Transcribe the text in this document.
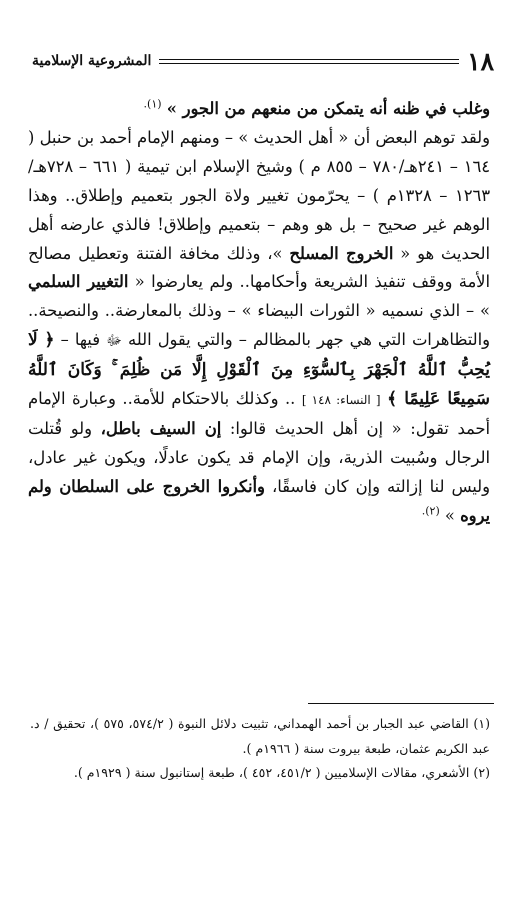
١٨
المشروعية الإسلامية

وغلب في ظنه أنه يتمكن من منعهم من الجور » $^{(١).}$

ولقد توهم البعض أن « أهل الحديث » – ومنهم الإمام أحمد بن حنبل ( ١٦٤ – ٢٤١هـ/٧٨٠ – ٨٥٥ م ) وشيخ الإسلام ابن تيمية ( ٦٦١ – ٧٢٨هـ/١٢٦٣ – ١٣٢٨م ) – يحرّمون تغيير ولاة الجور بتعميم وإطلاق.. وهذا الوهم غير صحيح – بل هو وهم – بتعميم وإطلاق! فالذي عارضه أهل الحديث هو « الخروج المسلح »، وذلك مخافة الفتنة وتعطيل مصالح الأمة ووقف تنفيذ الشريعة وأحكامها.. ولم يعارضوا « التغيير السلمي » – الذي نسميه « الثورات البيضاء » – وذلك بالمعارضة.. والنصيحة.. والتظاهرات التي هي جهر بالمظالم – والتي يقول الله ﷻ فيها – ﴿ لَا يُحِبُّ ٱللَّهُ ٱلْجَهْرَ بِٱلسُّوٓءِ مِنَ ٱلْقَوْلِ إِلَّا مَن ظُلِمَ ۚ وَكَانَ ٱللَّهُ سَمِيعًا عَلِيمًا ﴾ [ النساء: ١٤٨ ] .. وكذلك بالاحتكام للأمة.. وعبارة الإمام أحمد تقول: « إن أهل الحديث قالوا: إن السيف باطل، ولو قُتلت الرجال وسُبيت الذرية، وإن الإمام قد يكون عادلًا، ويكون غير عادل، وليس لنا إزالته وإن كان فاسقًا، وأنكروا الخروج على السلطان ولم يروه » $^{(٢).}$

(١) القاضي عبد الجبار بن أحمد الهمداني، تثبيت دلائل النبوة ( ٥٧٤/٢، ٥٧٥ )، تحقيق / د. عبد الكريم عثمان، طبعة بيروت سنة ( ١٩٦٦م ).

(٢) الأشعري، مقالات الإسلاميين ( ٤٥١/٢، ٤٥٢ )، طبعة إستانبول سنة ( ١٩٢٩م ).
